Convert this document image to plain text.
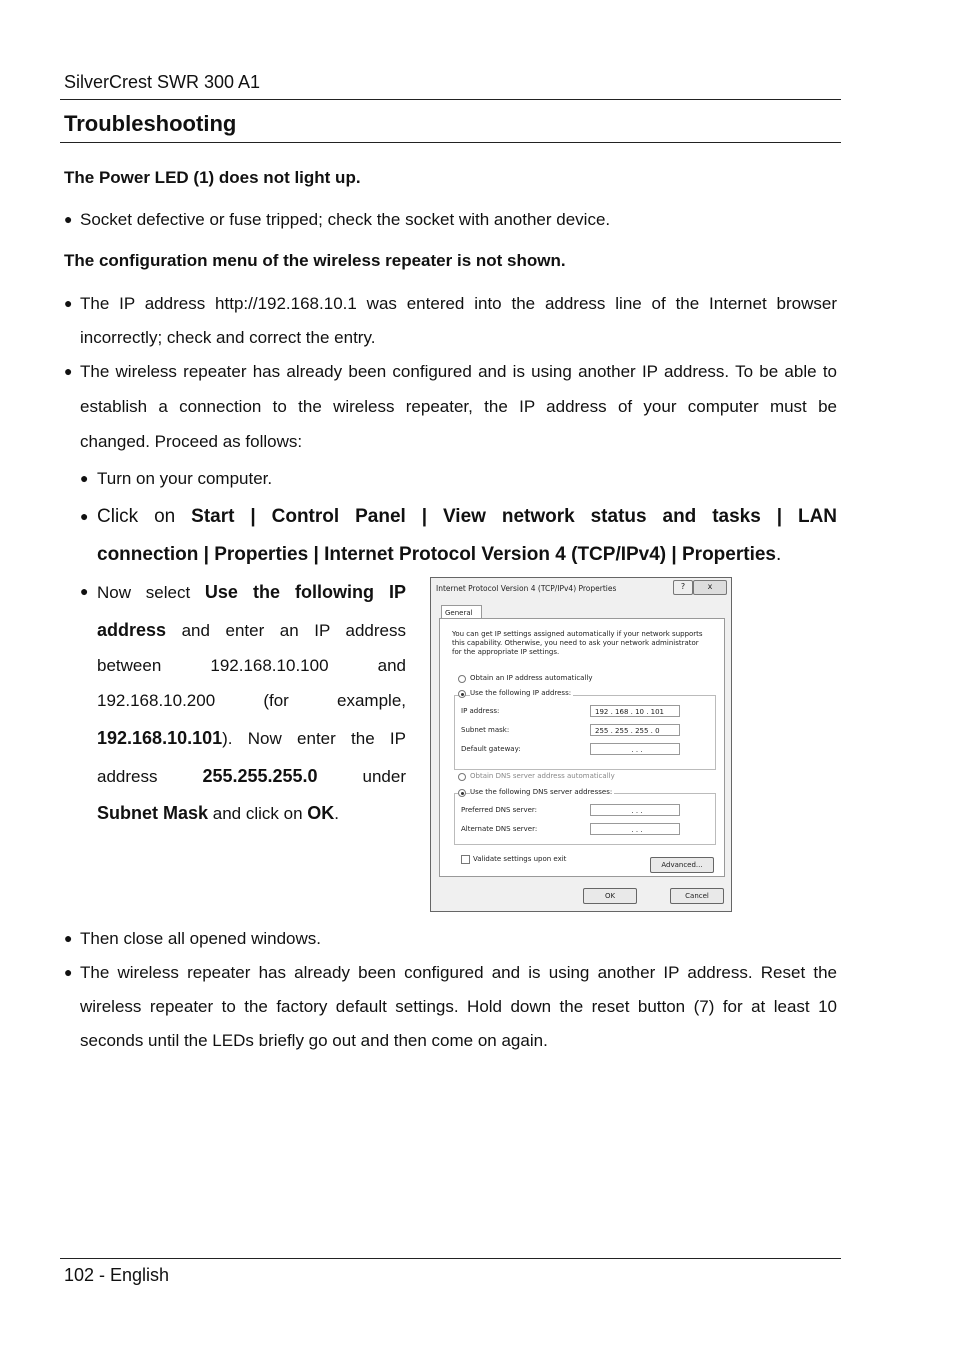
SilverCrest SWR 300 A1
Troubleshooting
The Power LED (1) does not light up.
● Socket defective or fuse tripped; check the socket with another device.
The configuration menu of the wireless repeater is not shown.
● The IP address http://192.168.10.1 was entered into the address line of the Internet browser
incorrectly; check and correct the entry.
● The wireless repeater has already been configured and is using another IP address. To be able to
establish a connection to the wireless repeater, the IP address of your computer must be
changed. Proceed as follows:
● Turn on your computer.
● Click on Start | Control Panel | View network status and tasks | LAN
connection | Properties | Internet Protocol Version 4 (TCP/IPv4) | Properties.
● Now select Use the following IP
address and enter an IP address
between	192.168.10.100	and
192.168.10.200	(for example,
192.168.10.101). Now enter the IP
address 255.255.255.0	under
Subnet Mask and click on OK.
Internet Protocol Version 4 (TCP/IPv4) Properties	?	x
General
You can get IP settings assigned automatically if your network supports
this capability. Otherwise, you need to ask your network administrator
for the appropriate IP settings.
Obtain an IP address automatically
Use the following IP address:
IP address:	192 . 168 . 10 . 101
Subnet mask:	255 . 255 . 255 . 0
Default gateway:	. . .
Obtain DNS server address automatically
Use the following DNS server addresses:
Preferred DNS server:	. . .
Alternate DNS server:	. . .
Validate settings upon exit
Advanced...
OK	Cancel
● Then close all opened windows.
● The wireless repeater has already been configured and is using another IP address. Reset the
wireless repeater to the factory default settings. Hold down the reset button (7) for at least 10
seconds until the LEDs briefly go out and then come on again.
102 - English
